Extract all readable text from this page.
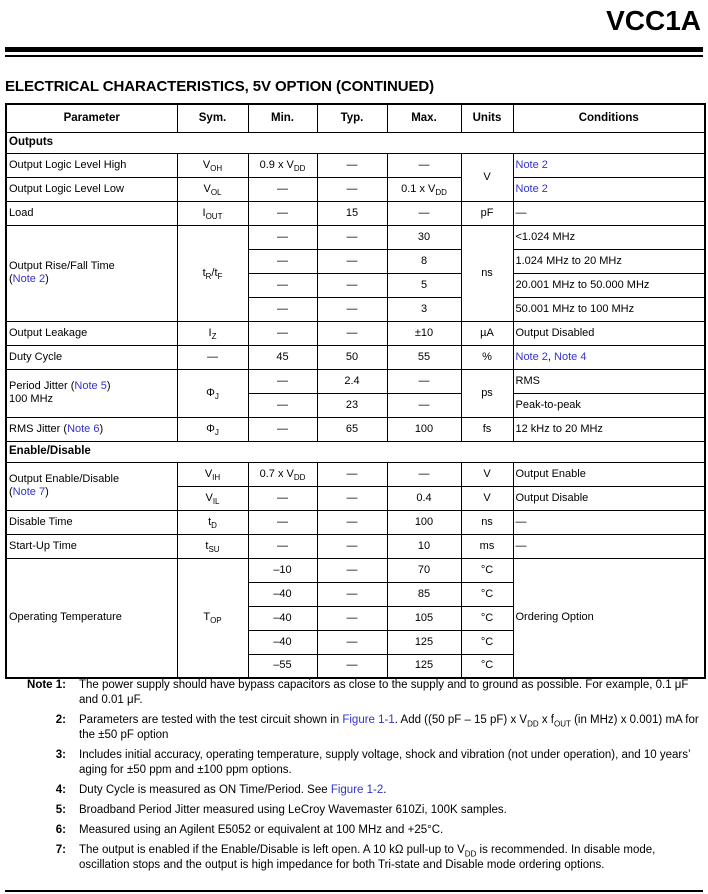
VCC1A
ELECTRICAL CHARACTERISTICS, 5V OPTION (CONTINUED)
Parameter	Sym.	Min.	Typ.	Max.	Units	Conditions
Outputs						
Output Logic Level High	$V_{OH}$	0.9 x $V_{DD}$	—	—	V	Note 2
Output Logic Level Low	$V_{OL}$	—	—	0.1 x $V_{DD}$		Note 2
Load	$I_{OUT}$	—	15	—	pF	—
Output Rise/Fall Time
(Note 2)	$t_R/t_F$	—	—	30	ns	<1.024 MHz
		—	—	8		1.024 MHz to 20 MHz
		—	—	5		20.001 MHz to 50.000 MHz
		—	—	3		50.001 MHz to 100 MHz
Output Leakage	$I_Z$	—	—	±10	µA	Output Disabled
Duty Cycle	—	45	50	55	%	Note 2, Note 4
Period Jitter (Note 5)
100 MHz	$\Phi_J$	—	2.4	—	ps	RMS
		—	23	—		Peak-to-peak
RMS Jitter (Note 6)	$\Phi_J$	—	65	100	fs	12 kHz to 20 MHz
Enable/Disable						
Output Enable/Disable
(Note 7)	$V_{IH}$	0.7 x $V_{DD}$	—	—	V	Output Enable
	$V_{IL}$	—	—	0.4	V	Output Disable
Disable Time	$t_D$	—	—	100	ns	—
Start-Up Time	$t_{SU}$	—	—	10	ms	—
Operating Temperature	$T_{OP}$	–10	—	70	°C	Ordering Option
		–40	—	85	°C	
		–40	—	105	°C	
		–40	—	125	°C	
		–55	—	125	°C	
Note 1: The power supply should have bypass capacitors as close to the supply and to ground as possible. For example, 0.1 μF and 0.01 μF.
2: Parameters are tested with the test circuit shown in Figure 1-1. Add ((50 pF – 15 pF) x $V_{DD}$ x $f_{OUT}$ (in MHz) x 0.001) mA for the ±50 pF option
3: Includes initial accuracy, operating temperature, supply voltage, shock and vibration (not under operation), and 10 years’ aging for ±50 ppm and ±100 ppm options.
4: Duty Cycle is measured as ON Time/Period. See Figure 1-2.
5: Broadband Period Jitter measured using LeCroy Wavemaster 610Zi, 100K samples.
6: Measured using an Agilent E5052 or equivalent at 100 MHz and +25°C.
7: The output is enabled if the Enable/Disable is left open. A 10 kΩ pull-up to $V_{DD}$ is recommended. In disable mode, oscillation stops and the output is high impedance for both Tri-state and Disable mode ordering options.
